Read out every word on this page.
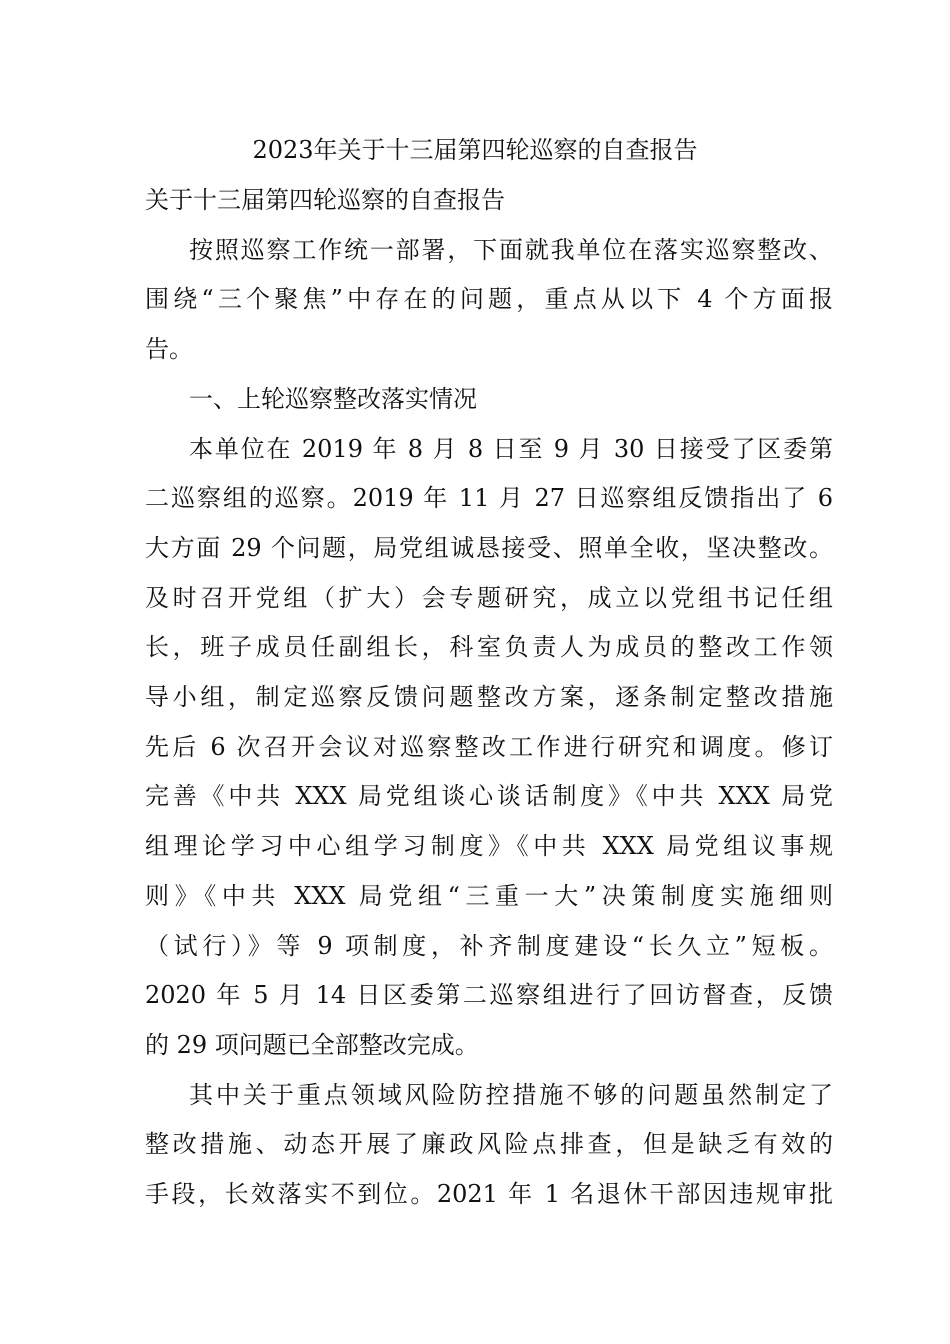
2023年关于十三届第四轮巡察的自查报告
关于十三届第四轮巡察的自查报告
按照巡察工作统一部署，下面就我单位在落实巡察整改、
围绕“三个聚焦”中存在的问题，重点从以下 4 个方面报
告。
一、上轮巡察整改落实情况
本单位在 2019 年 8 月 8 日至 9 月 30 日接受了区委第
二巡察组的巡察。2019 年 11 月 27 日巡察组反馈指出了 6
大方面 29 个问题，局党组诚恳接受、照单全收，坚决整改。
及时召开党组（扩大）会专题研究，成立以党组书记任组
长，班子成员任副组长，科室负责人为成员的整改工作领
导小组，制定巡察反馈问题整改方案，逐条制定整改措施
先后 6 次召开会议对巡察整改工作进行研究和调度。修订
完善《中共 XXX 局党组谈心谈话制度》《中共 XXX 局党
组理论学习中心组学习制度》《中共 XXX 局党组议事规
则》《中共 XXX 局党组“三重一大”决策制度实施细则
（试行）》等 9 项制度，补齐制度建设“长久立”短板。
2020 年 5 月 14 日区委第二巡察组进行了回访督查，反馈
的 29 项问题已全部整改完成。
其中关于重点领域风险防控措施不够的问题虽然制定了
整改措施、动态开展了廉政风险点排查，但是缺乏有效的
手段，长效落实不到位。2021 年 1 名退休干部因违规审批
